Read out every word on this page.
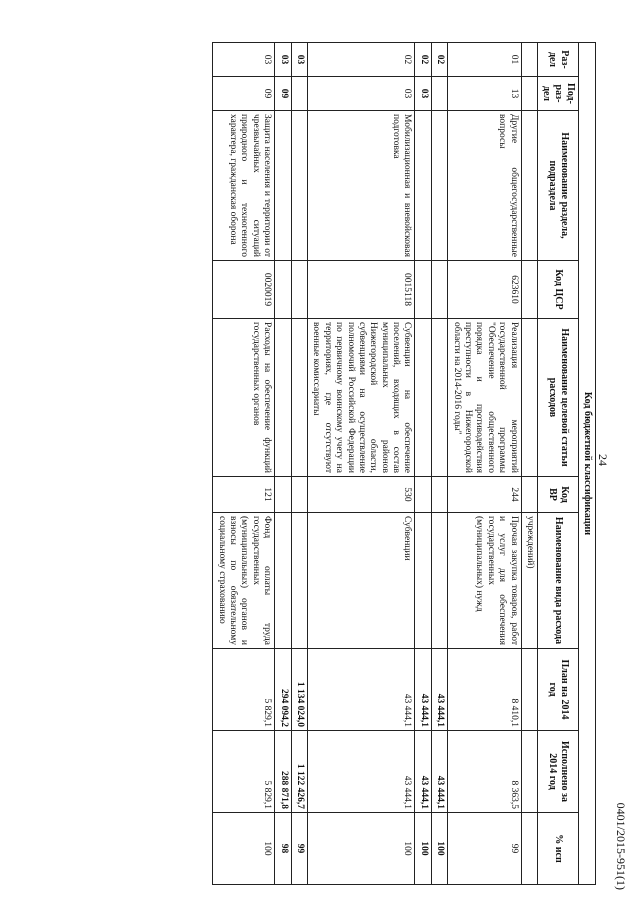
24
0401/2015-951(1)
Код бюджетной классификации									
Раз-дел	Под-раз-дел	Наименование раздела, подраздела	Код ЦСР	Наименование целевой статьи расходов	Код ВР	Наименование вида расхода	План на 2014 год	Исполнено за 2014 год	% исп
						учреждений)			
01	13	Другие общегосударственные вопросы	623610	Реализация мероприятий государственной программы "Обеспечение общественного порядка и противодействия преступности в Нижегородской области на 2014-2016 годы"	244	Прочая закупка товаров, работ и услуг для обеспечения государственных (муниципальных) нужд	8 410,1	8 363,5	99
02							43 444,1	43 444,1	100
02	03						43 444,1	43 444,1	100
02	03	Мобилизационная и вневойсковая подготовка	0015118	Субвенции на обеспечение поселений, входящих в состав муниципальных районов Нижегородской области, субвенциями на осуществление полномочий Российской Федерации по первичному воинскому учету на территориях, где отсутствуют военные комиссариаты	530	Субвенции	43 444,1	43 444,1	100
03							1 134 024,0	1 122 426,7	99
03	09						294 094,2	288 871,8	98
03	09	Защита населения и территории от чрезвычайных ситуаций природного и техногенного характера, гражданская оборона	0020019	Расходы на обеспечение функций государственных органов	121	Фонд оплаты труда государственных (муниципальных) органов и взносы по обязательному социальному страхованию	5 829,1	5 829,1	100
